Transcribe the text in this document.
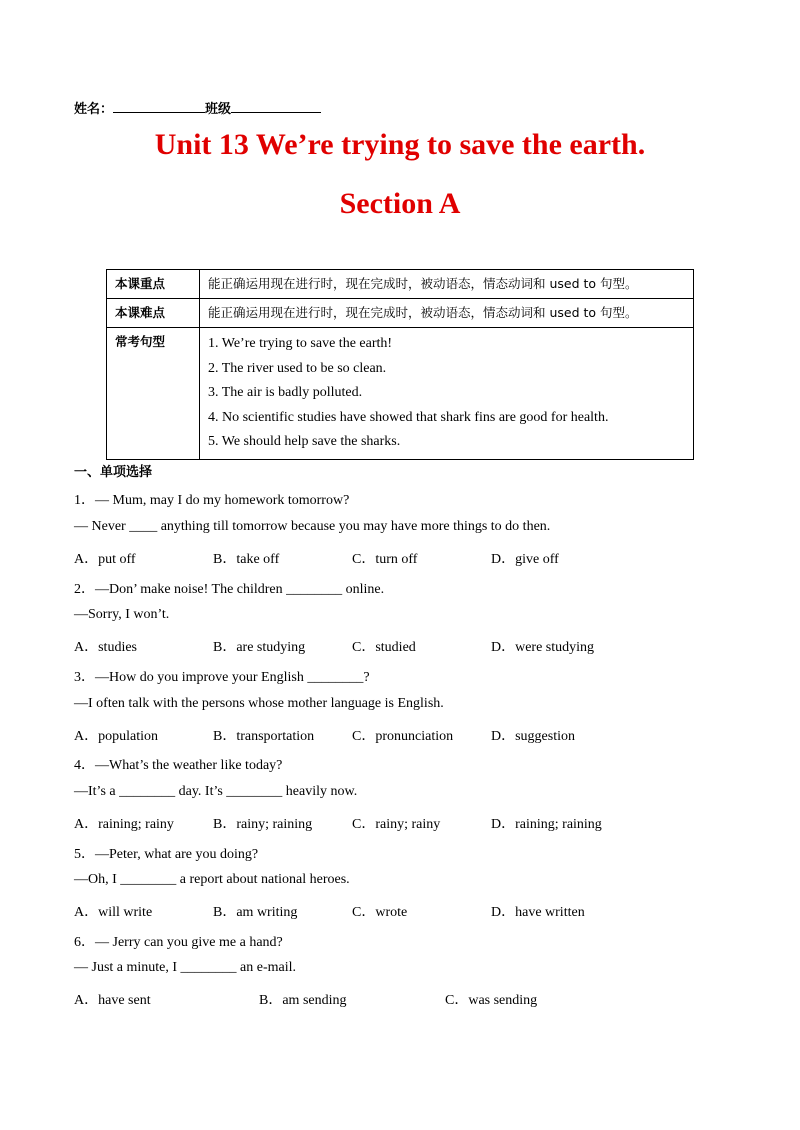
姓名：	班级
Unit 13 We’re trying to save the earth.
Section A
本课重点	能正确运用现在进行时，现在完成时，被动语态，情态动词和 used to 句型。
本课难点	能正确运用现在进行时，现在完成时，被动语态，情态动词和 used to 句型。
常考句型	1. We’re trying to save the earth!
2. The river used to be so clean.
3. The air is badly polluted.
4. No scientific studies have showed that shark fins are good for health.
5. We should help save the sharks.
一、单项选择
1．— Mum, may I do my homework tomorrow?
— Never ____ anything till tomorrow because you may have more things to do then.
A．put off	B．take off	C．turn off	D．give off
2．—Don’ make noise! The children ________ online.
—Sorry, I won’t.
A．studies	B．are studying	C．studied	D．were studying
3．—How do you improve your English ________?
—I often talk with the persons whose mother language is English.
A．population	B．transportation	C．pronunciation	D．suggestion
4．—What’s the weather like today?
—It’s a ________ day. It’s ________ heavily now.
A．raining; rainy	B．rainy; raining	C．rainy; rainy	D．raining; raining
5．—Peter, what are you doing?
—Oh, I ________ a report about national heroes.
A．will write	B．am writing	C．wrote	D．have written
6．— Jerry can you give me a hand?
— Just a minute, I ________ an e-mail.
A．have sent	B．am sending	C．was sending
